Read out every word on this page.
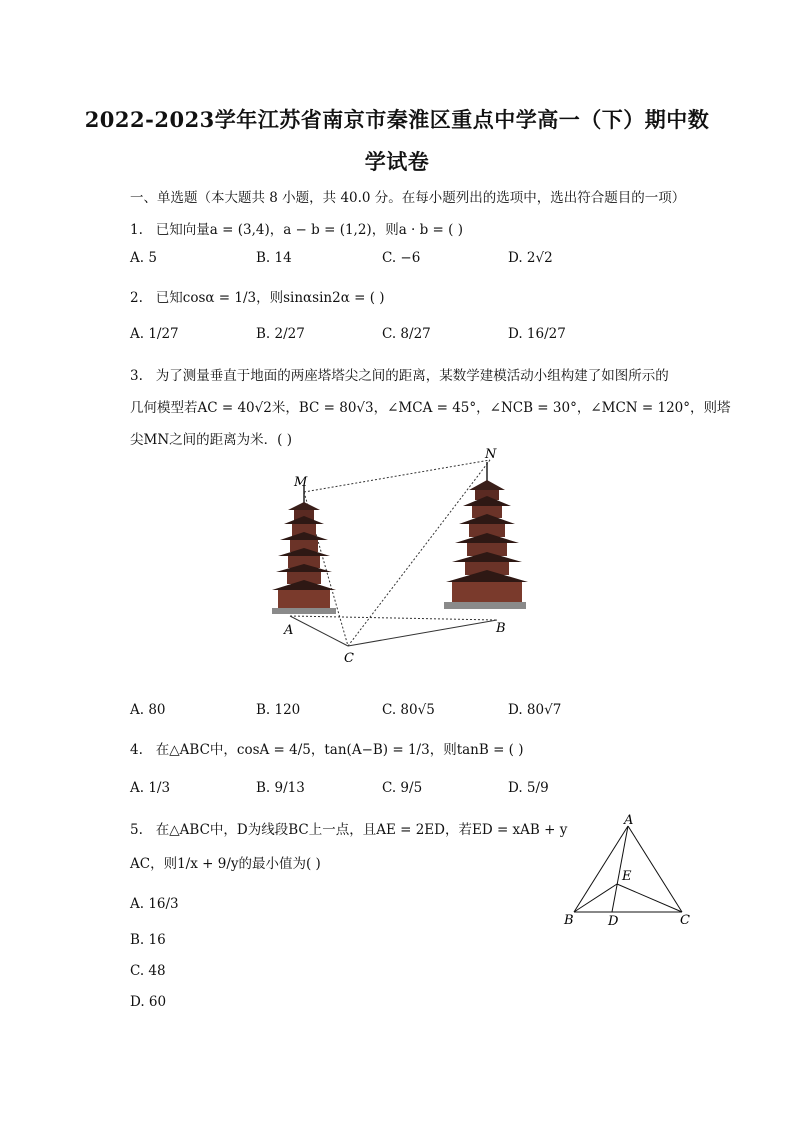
2022-2023学年江苏省南京市秦淮区重点中学高一（下）期中数
学试卷
一、单选题（本大题共 8 小题，共 40.0 分。在每小题列出的选项中，选出符合题目的一项）
1. 已知向量a = (3,4)，a − b = (1,2)，则a · b = ( )
A. 5	B. 14	C. −6	D. 2√2
2. 已知cosα = 1/3，则sinαsin2α = ( )
A. 1/27	B. 2/27	C. 8/27	D. 16/27
3. 为了测量垂直于地面的两座塔塔尖之间的距离，某数学建模活动小组构建了如图所示的
几何模型若AC = 40√2米，BC = 80√3，∠MCA = 45°，∠NCB = 30°，∠MCN = 120°，则塔
尖MN之间的距离为米．( )
M
N
A	B
C
A. 80	B. 120	C. 80√5	D. 80√7
4. 在△ABC中，cosA = 4/5，tan(A−B) = 1/3，则tanB = ( )
A. 1/3	B. 9/13	C. 9/5	D. 5/9
5. 在△ABC中，D为线段BC上一点，且AE = 2ED，若ED = xAB + y
AC，则1/x + 9/y的最小值为( )
A
E
B	D	C
A. 16/3
B. 16
C. 48
D. 60
